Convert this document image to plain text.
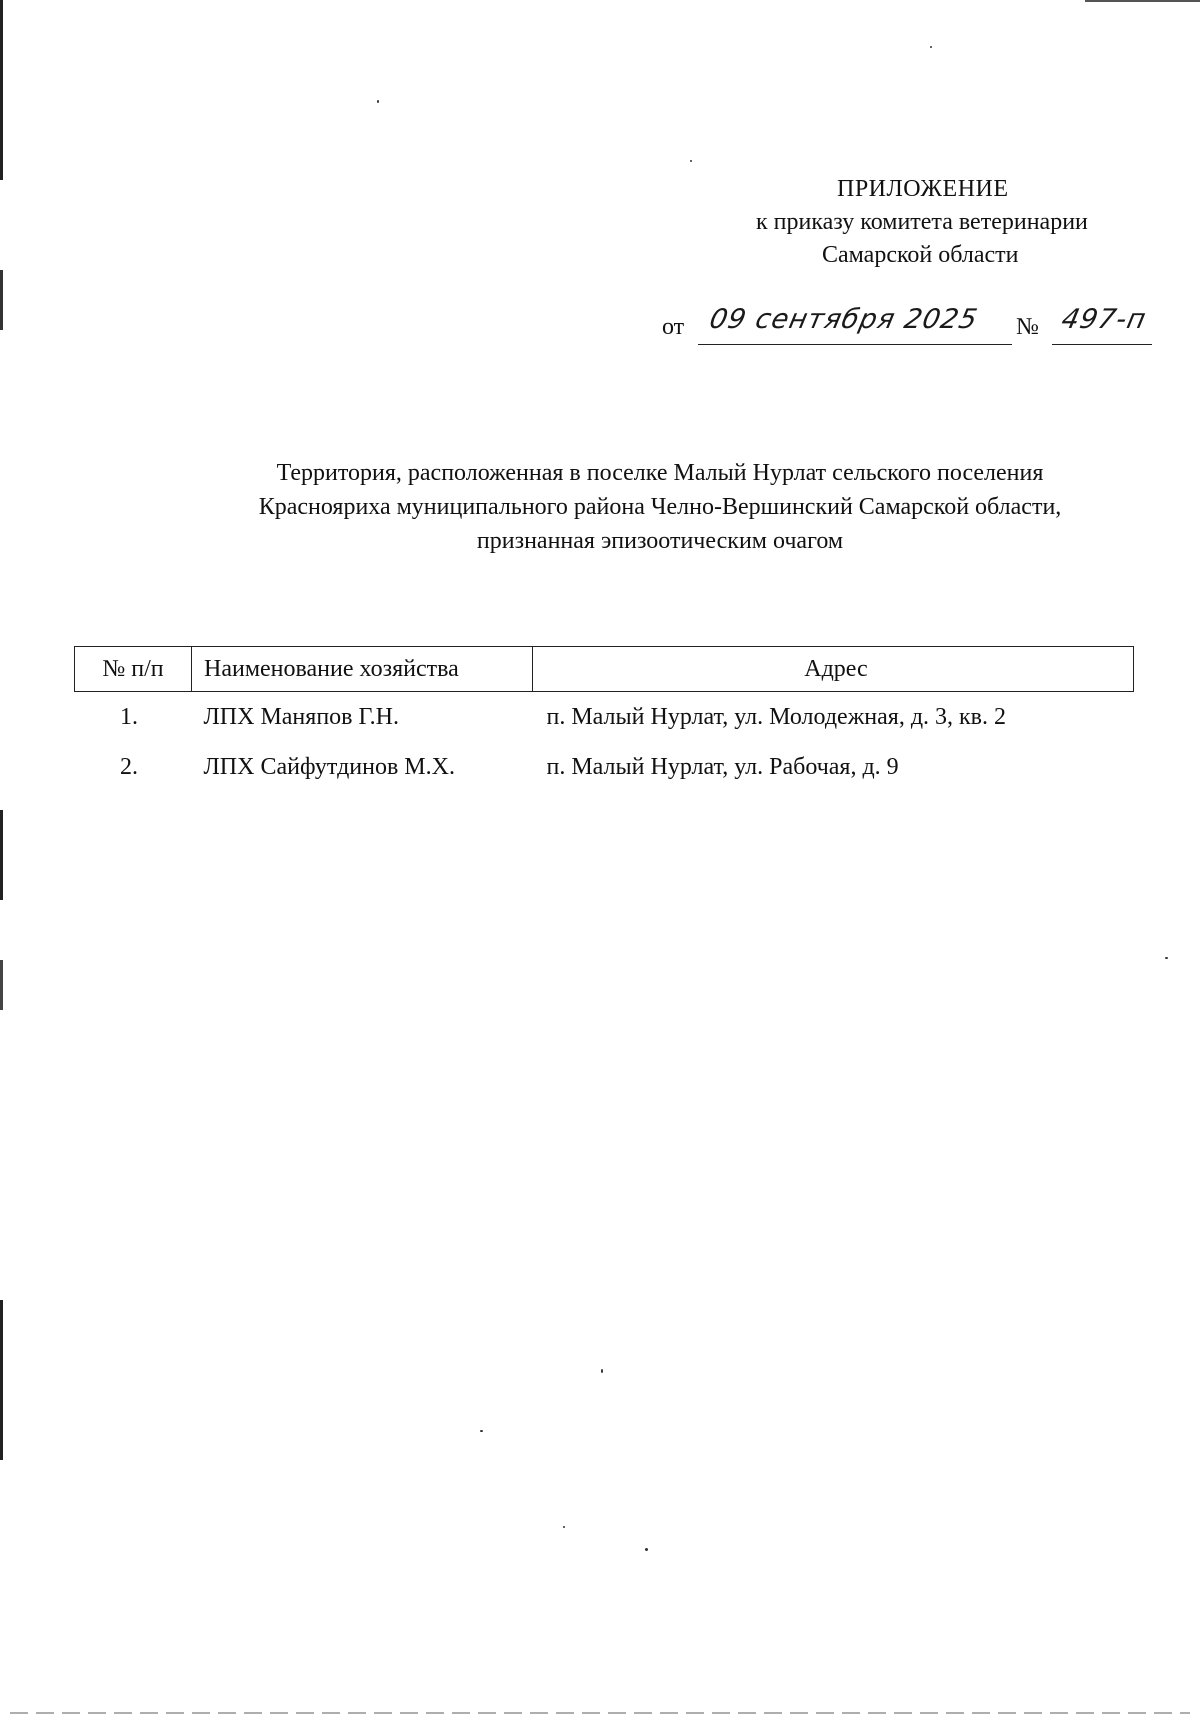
ПРИЛОЖЕНИЕ
к приказу комитета ветеринарии
Самарской области
от 09 сентября 2025 № 497-п
Территория, расположенная в поселке Малый Нурлат сельского поселения
Краснояриха муниципального района Челно-Вершинский Самарской области,
признанная эпизоотическим очагом
№ п/п	Наименование хозяйства	Адрес
1.	ЛПХ Маняпов Г.Н.	п. Малый Нурлат, ул. Молодежная, д. 3, кв. 2
2.	ЛПХ Сайфутдинов М.Х.	п. Малый Нурлат, ул. Рабочая, д. 9
